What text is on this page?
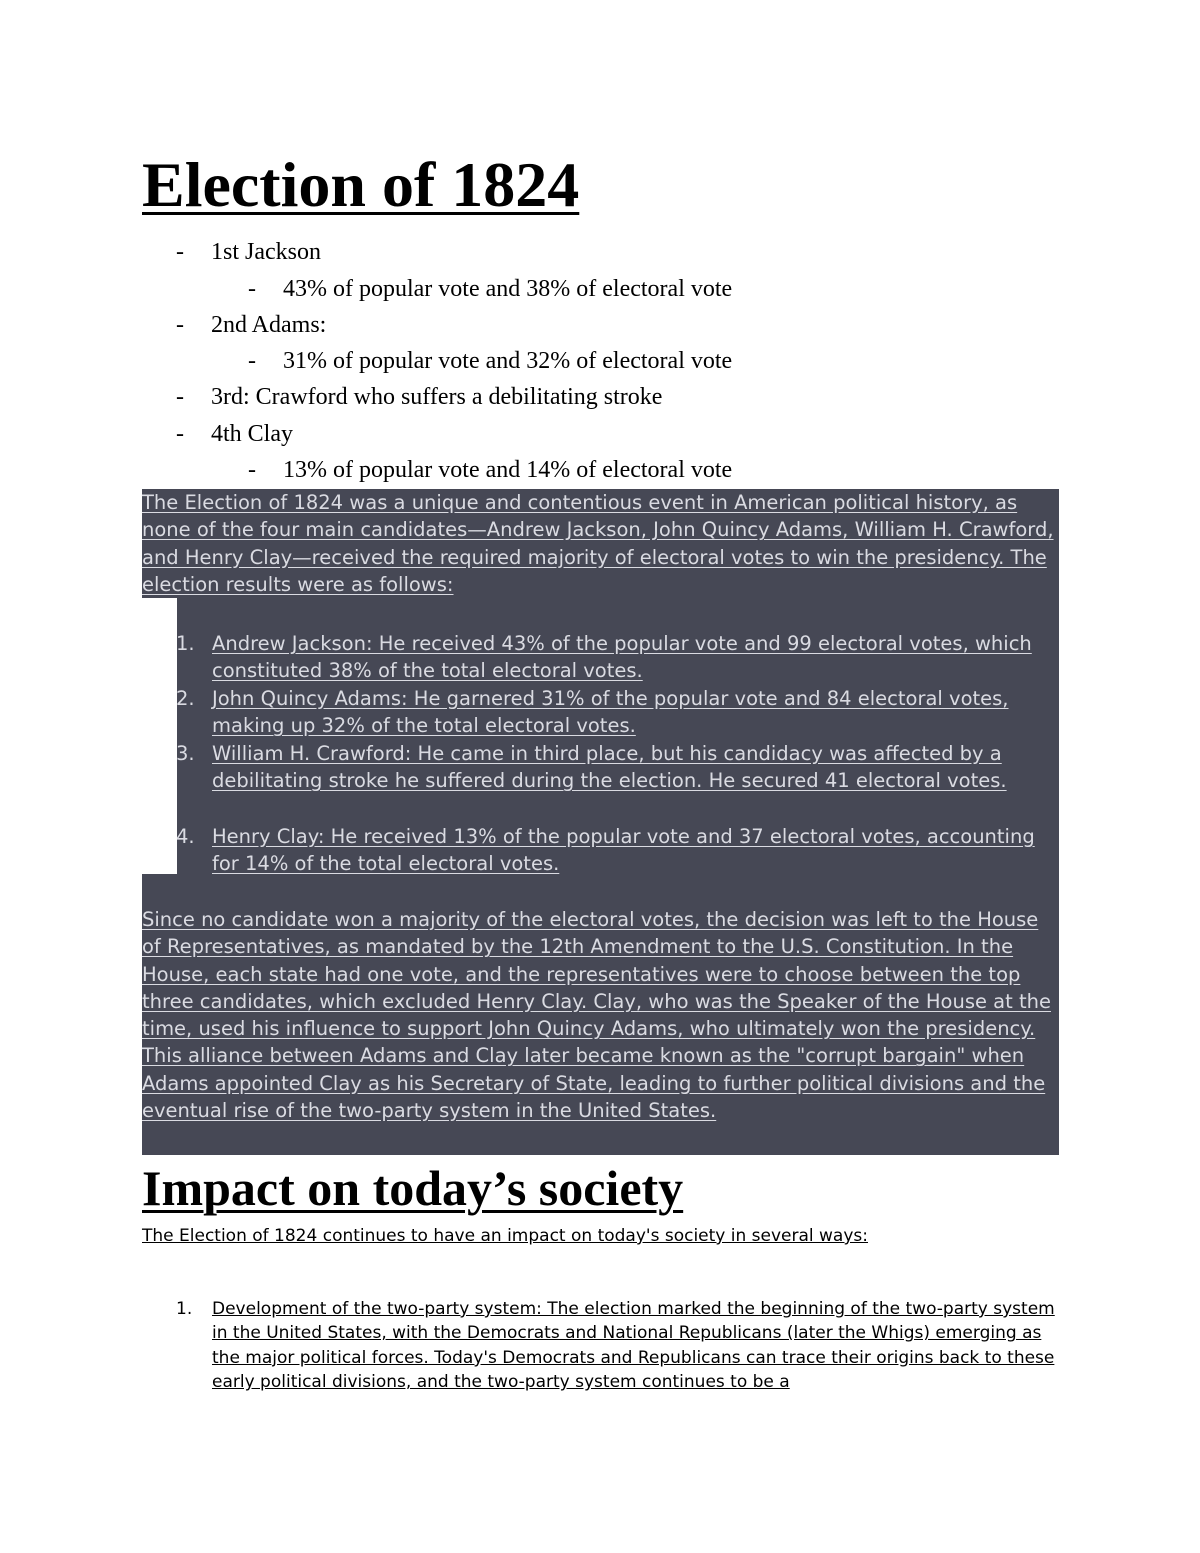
Election of 1824
- 1st Jackson
- 43% of popular vote and 38% of electoral vote
- 2nd Adams:
- 31% of popular vote and 32% of electoral vote
- 3rd: Crawford who suffers a debilitating stroke
- 4th Clay
- 13% of popular vote and 14% of electoral vote
The Election of 1824 was a unique and contentious event in American political history, as none of the four main candidates—Andrew Jackson, John Quincy Adams, William H. Crawford, and Henry Clay—received the required majority of electoral votes to win the presidency. The election results were as follows:
1. Andrew Jackson: He received 43% of the popular vote and 99 electoral votes, which constituted 38% of the total electoral votes.
2. John Quincy Adams: He garnered 31% of the popular vote and 84 electoral votes, making up 32% of the total electoral votes.
3. William H. Crawford: He came in third place, but his candidacy was affected by a debilitating stroke he suffered during the election. He secured 41 electoral votes.
4. Henry Clay: He received 13% of the popular vote and 37 electoral votes, accounting for 14% of the total electoral votes.
Since no candidate won a majority of the electoral votes, the decision was left to the House of Representatives, as mandated by the 12th Amendment to the U.S. Constitution. In the House, each state had one vote, and the representatives were to choose between the top three candidates, which excluded Henry Clay. Clay, who was the Speaker of the House at the time, used his influence to support John Quincy Adams, who ultimately won the presidency. This alliance between Adams and Clay later became known as the "corrupt bargain" when Adams appointed Clay as his Secretary of State, leading to further political divisions and the eventual rise of the two-party system in the United States.
Impact on today’s society
The Election of 1824 continues to have an impact on today's society in several ways:
1. Development of the two-party system: The election marked the beginning of the two-party system in the United States, with the Democrats and National Republicans (later the Whigs) emerging as the major political forces. Today's Democrats and Republicans can trace their origins back to these early political divisions, and the two-party system continues to be a
